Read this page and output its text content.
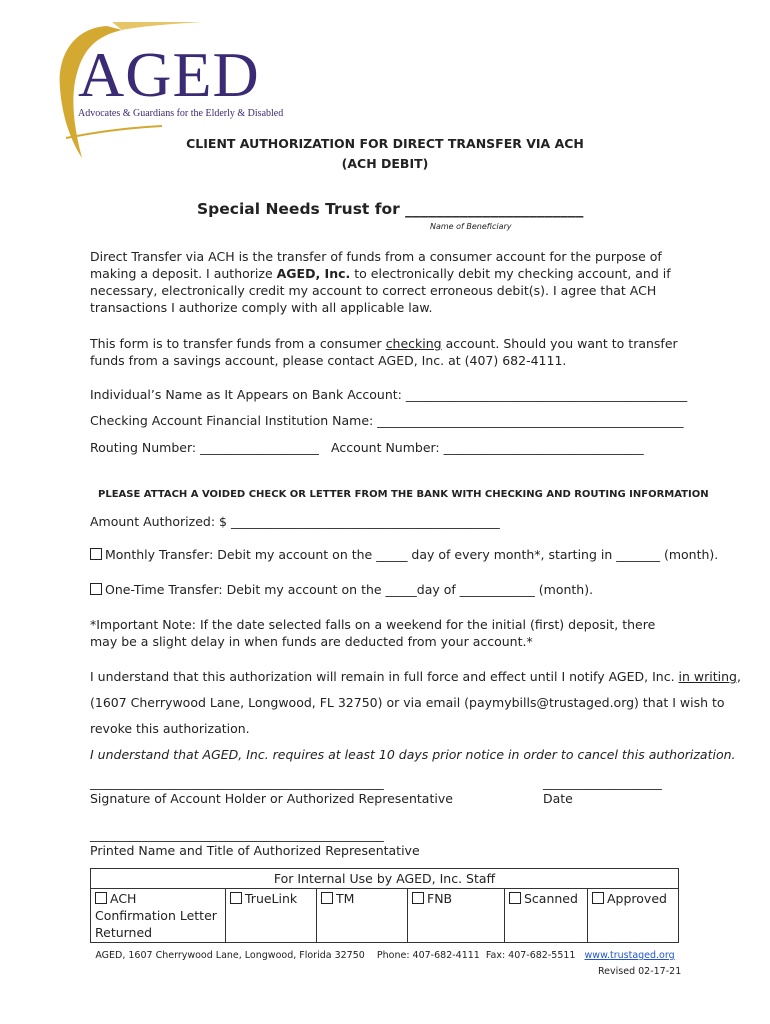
AGED
Advocates & Guardians for the Elderly & Disabled
CLIENT AUTHORIZATION FOR DIRECT TRANSFER VIA ACH
(ACH DEBIT)
Special Needs Trust for _______________________
Name of Beneficiary
Direct Transfer via ACH is the transfer of funds from a consumer account for the purpose of making a deposit. I authorize AGED, Inc. to electronically debit my checking account, and if necessary, electronically credit my account to correct erroneous debit(s). I agree that ACH transactions I authorize comply with all applicable law.
This form is to transfer funds from a consumer checking account. Should you want to transfer funds from a savings account, please contact AGED, Inc. at (407) 682-4111.
Individual’s Name as It Appears on Bank Account: _____________________________________________
Checking Account Financial Institution Name: _________________________________________________
Routing Number: ___________________ Account Number: ________________________________
PLEASE ATTACH A VOIDED CHECK OR LETTER FROM THE BANK WITH CHECKING AND ROUTING INFORMATION
Amount Authorized: $ ___________________________________________
Monthly Transfer: Debit my account on the _____ day of every month*, starting in _______ (month).
One-Time Transfer: Debit my account on the _____day of ____________ (month).
*Important Note: If the date selected falls on a weekend for the initial (first) deposit, there may be a slight delay in when funds are deducted from your account.*
I understand that this authorization will remain in full force and effect until I notify AGED, Inc. in writing,
(1607 Cherrywood Lane, Longwood, FL 32750) or via email (paymybills@trustaged.org) that I wish to
revoke this authorization.
I understand that AGED, Inc. requires at least 10 days prior notice in order to cancel this authorization.
_______________________________________________
Signature of Account Holder or Authorized Representative
___________________
Date
_______________________________________________
Printed Name and Title of Authorized Representative
For Internal Use by AGED, Inc. Staff
ACH Confirmation Letter Returned	TrueLink	TM	FNB	Scanned	Approved
AGED, 1607 Cherrywood Lane, Longwood, Florida 32750 Phone: 407-682-4111 Fax: 407-682-5511 www.trustaged.org
Revised 02-17-21
